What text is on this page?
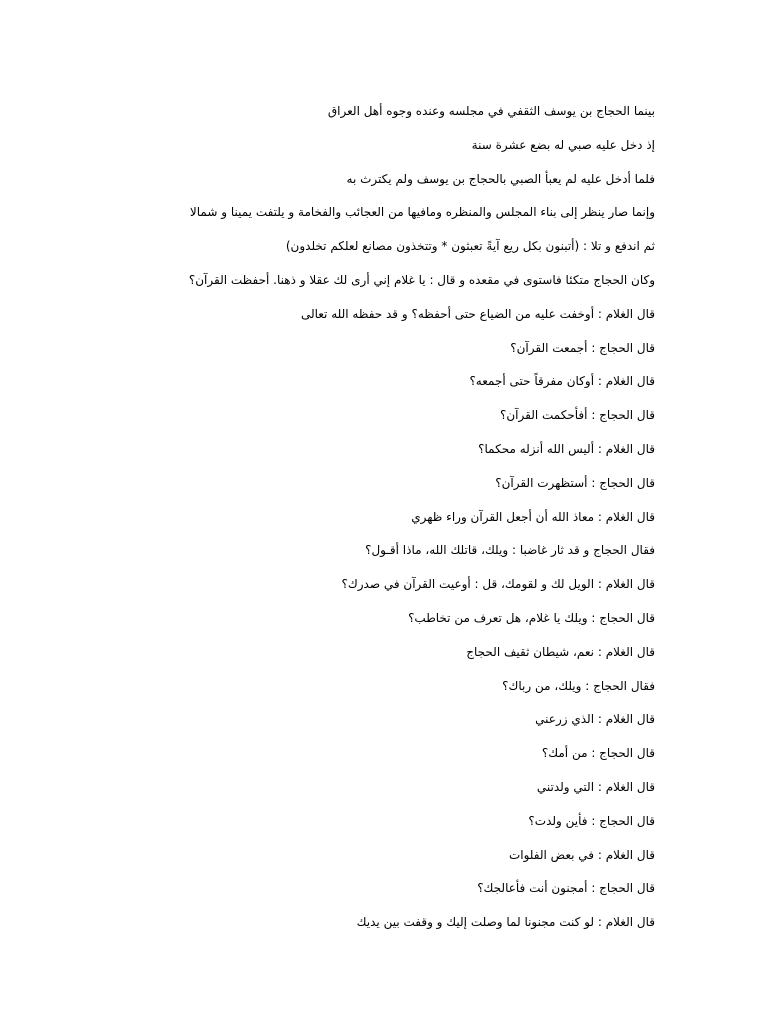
بينما الحجاج بن يوسف الثقفي في مجلسه وعنده وجوه أهل العراق
إذ دخل عليه صبي له بضع عشرة سنة
فلما أدخل عليه لم يعبأ الصبي بالحجاج بن يوسف ولم يكترث به
وإنما صار ينظر إلى بناء المجلس والمنظره ومافيها من العجائب والفخامة و يلتفت يمينا و شمالا
ثم اندفع و تلا : (أتبنون بكل ريع آيةً تعبثون * وتتخذون مصانع لعلكم تخلدون)
وكان الحجاج متكئا فاستوى في مقعده و قال : يا غلام إني أرى لك عقلا و ذهنا. أحفظت القرآن؟
قال الغلام : أوخفت عليه من الضياع حتى أحفظه؟ و قد حفظه الله تعالى
قال الحجاج : أجمعت القرآن؟
قال الغلام : أوكان مفرقاً حتى أجمعه؟
قال الحجاج : أفأحكمت القرآن؟
قال الغلام : أليس الله أنزله محكما؟
قال الحجاج : أستظهرت القرآن؟
قال الغلام : معاذ الله أن أجعل القرآن وراء ظهري
فقال الحجاج و قد ثار غاضبا : ويلك، قاتلك الله، ماذا أقـول؟
قال الغلام : الويل لك و لقومك، قل : أوعيت القرآن في صدرك؟
قال الحجاج : ويلك يا غلام، هل تعرف من تخاطب؟
قال الغلام : نعم، شيطان ثقيف الحجاج
فقال الحجاج : ويلك، من رباك؟
قال الغلام : الذي زرعني
قال الحجاج : من أمك؟
قال الغلام : التي ولدتني
قال الحجاج : فأين ولدت؟
قال الغلام : في بعض الفلوات
قال الحجاج : أمجنون أنت فأعالجك؟
قال الغلام : لو كنت مجنونا لما وصلت إليك و وقفت بين يديك
